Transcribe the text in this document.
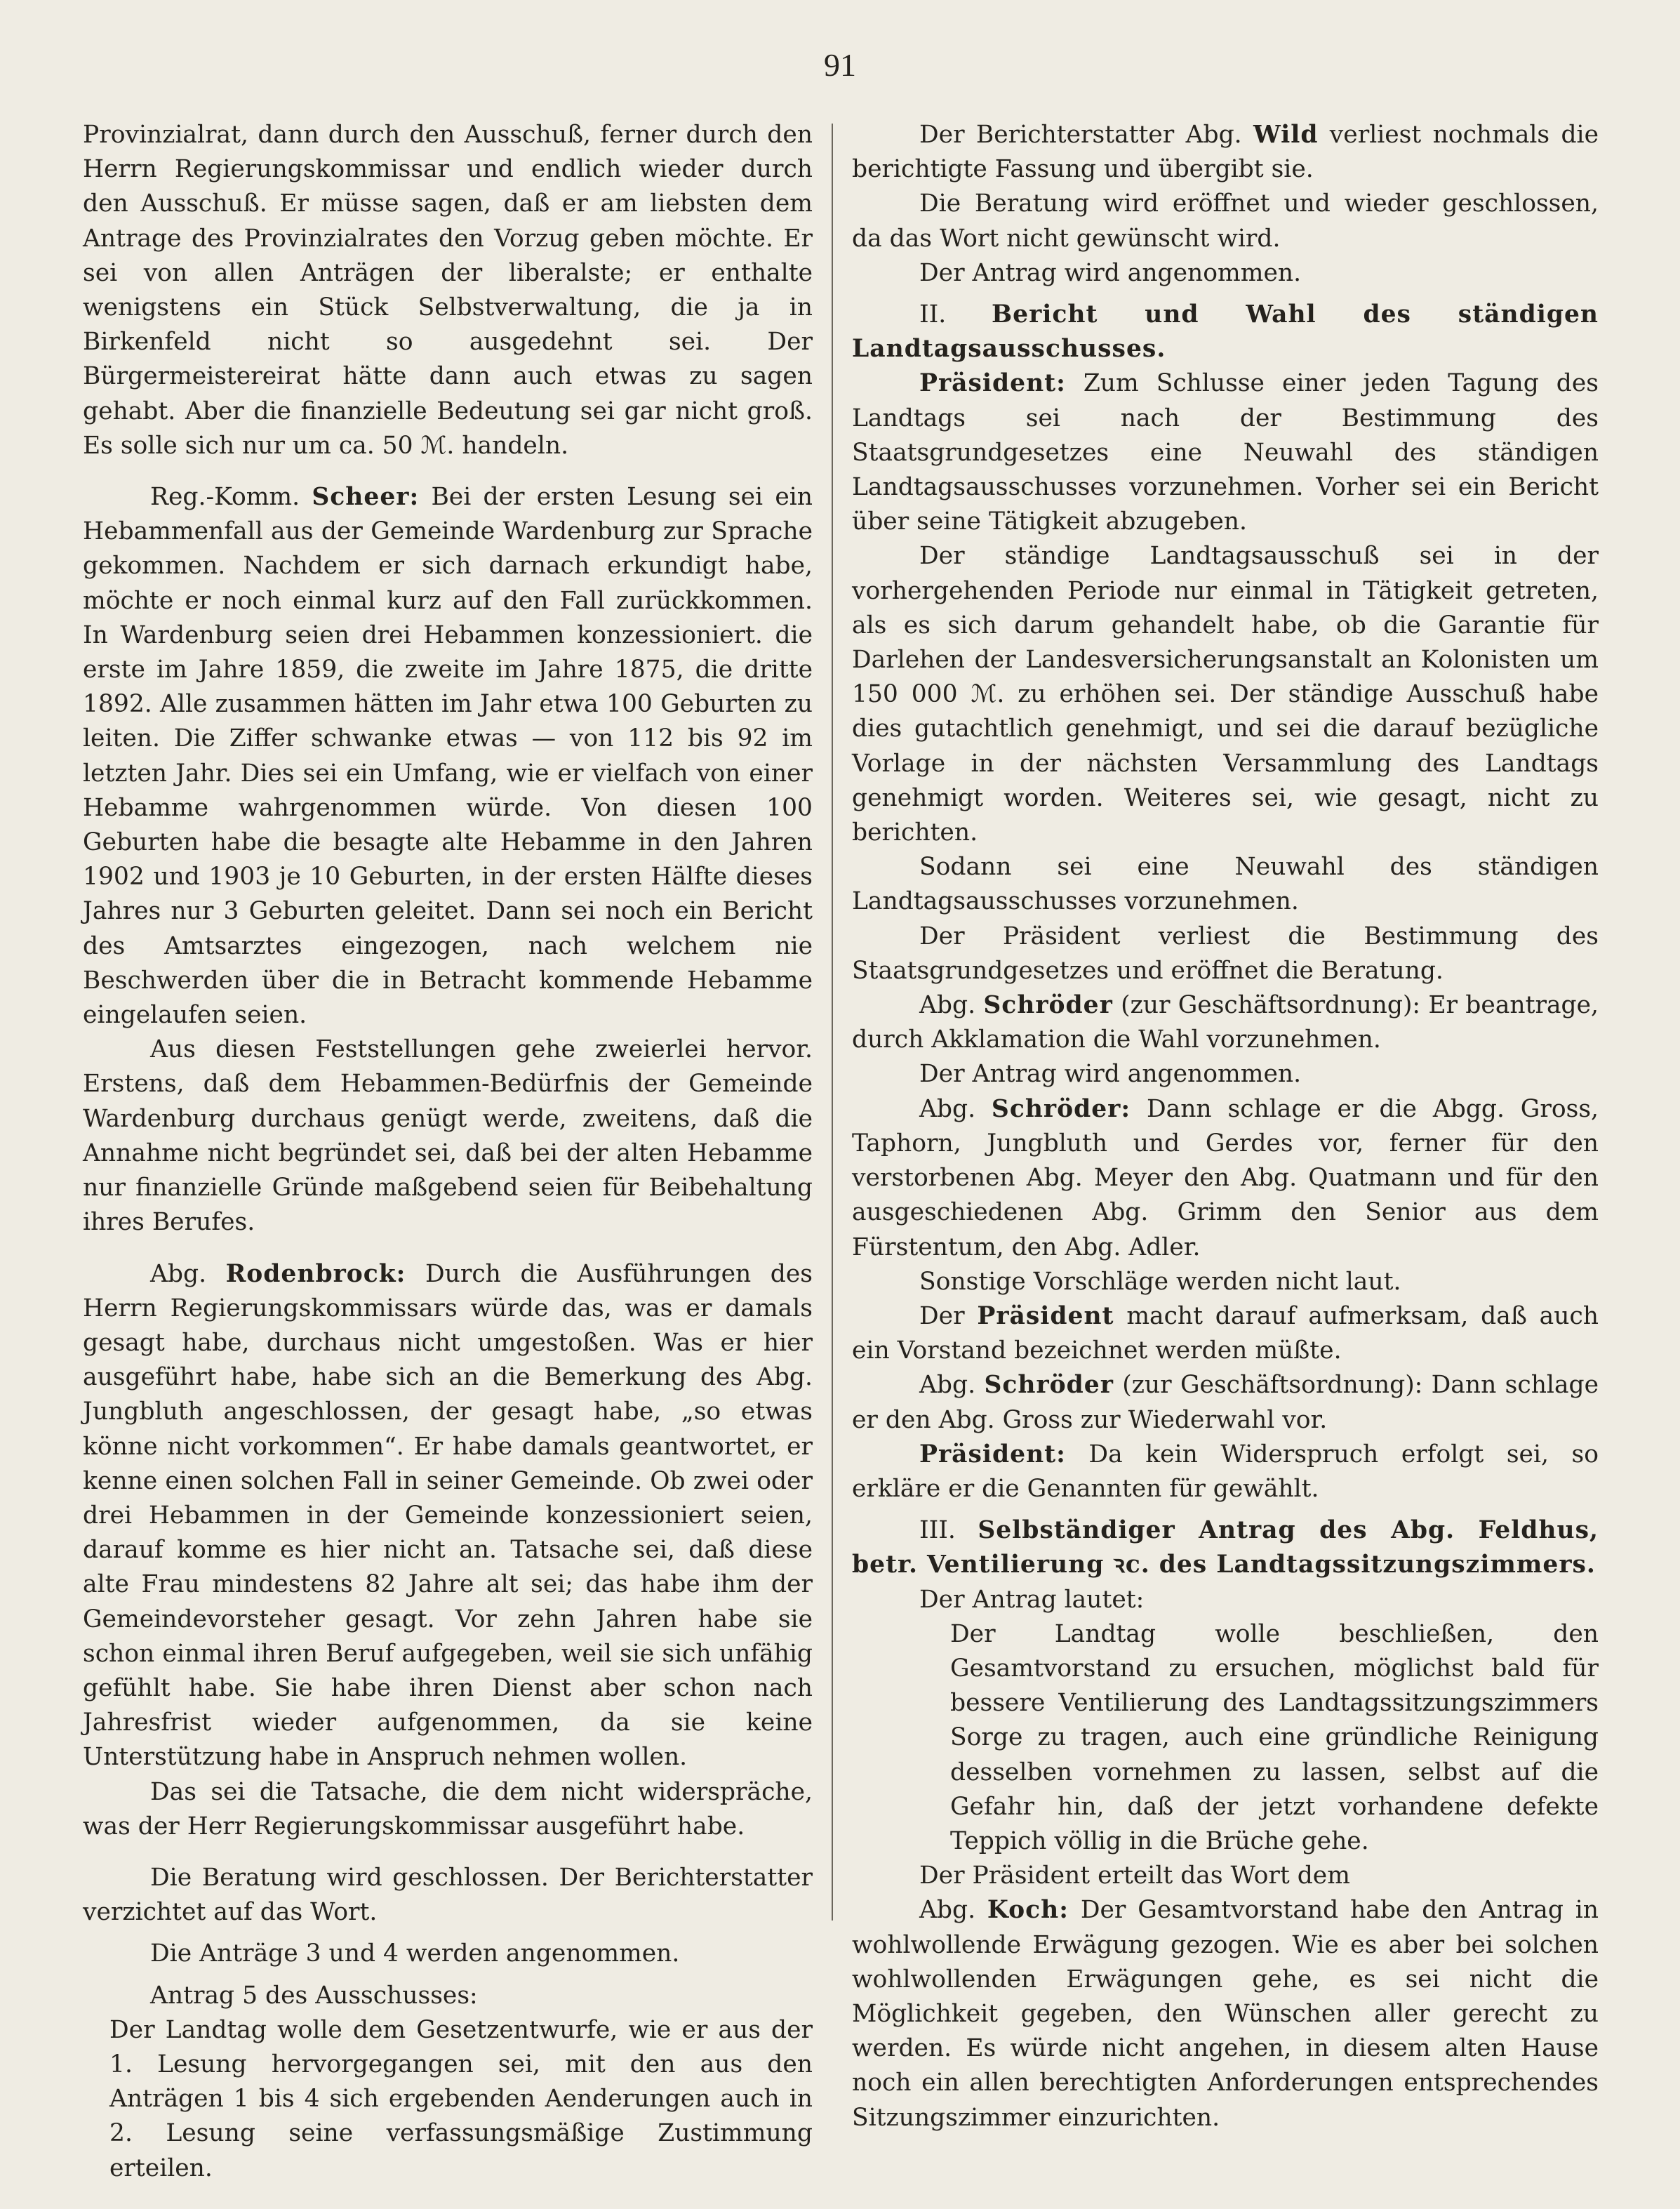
91

Provinzialrat, dann durch den Ausschuß, ferner durch den Herrn Regierungskommissar und endlich wieder durch den Ausschuß. Er müsse sagen, daß er am liebsten dem Antrage des Provinzialrates den Vorzug geben möchte. Er sei von allen Anträgen der liberalste; er enthalte wenigstens ein Stück Selbstverwaltung, die ja in Birkenfeld nicht so ausgedehnt sei. Der Bürgermeistereirat hätte dann auch etwas zu sagen gehabt. Aber die finanzielle Bedeutung sei gar nicht groß. Es solle sich nur um ca. 50 ℳ. handeln.

Reg.-Komm. Scheer: Bei der ersten Lesung sei ein Hebammenfall aus der Gemeinde Wardenburg zur Sprache gekommen. Nachdem er sich darnach erkundigt habe, möchte er noch einmal kurz auf den Fall zurückkommen. In Wardenburg seien drei Hebammen konzessioniert. die erste im Jahre 1859, die zweite im Jahre 1875, die dritte 1892. Alle zusammen hätten im Jahr etwa 100 Geburten zu leiten. Die Ziffer schwanke etwas — von 112 bis 92 im letzten Jahr. Dies sei ein Umfang, wie er vielfach von einer Hebamme wahrgenommen würde. Von diesen 100 Geburten habe die besagte alte Hebamme in den Jahren 1902 und 1903 je 10 Geburten, in der ersten Hälfte dieses Jahres nur 3 Geburten geleitet. Dann sei noch ein Bericht des Amtsarztes eingezogen, nach welchem nie Beschwerden über die in Betracht kommende Hebamme eingelaufen seien.

Aus diesen Feststellungen gehe zweierlei hervor. Erstens, daß dem Hebammen-Bedürfnis der Gemeinde Wardenburg durchaus genügt werde, zweitens, daß die Annahme nicht begründet sei, daß bei der alten Hebamme nur finanzielle Gründe maßgebend seien für Beibehaltung ihres Berufes.

Abg. Rodenbrock: Durch die Ausführungen des Herrn Regierungskommissars würde das, was er damals gesagt habe, durchaus nicht umgestoßen. Was er hier ausgeführt habe, habe sich an die Bemerkung des Abg. Jungbluth angeschlossen, der gesagt habe, „so etwas könne nicht vorkommen“. Er habe damals geantwortet, er kenne einen solchen Fall in seiner Gemeinde. Ob zwei oder drei Hebammen in der Gemeinde konzessioniert seien, darauf komme es hier nicht an. Tatsache sei, daß diese alte Frau mindestens 82 Jahre alt sei; das habe ihm der Gemeindevorsteher gesagt. Vor zehn Jahren habe sie schon einmal ihren Beruf aufgegeben, weil sie sich unfähig gefühlt habe. Sie habe ihren Dienst aber schon nach Jahresfrist wieder aufgenommen, da sie keine Unterstützung habe in Anspruch nehmen wollen.

Das sei die Tatsache, die dem nicht widerspräche, was der Herr Regierungskommissar ausgeführt habe.

Die Beratung wird geschlossen. Der Berichterstatter verzichtet auf das Wort.

Die Anträge 3 und 4 werden angenommen.

Antrag 5 des Ausschusses:

Der Landtag wolle dem Gesetzentwurfe, wie er aus der 1. Lesung hervorgegangen sei, mit den aus den Anträgen 1 bis 4 sich ergebenden Aenderungen auch in 2. Lesung seine verfassungsmäßige Zustimmung erteilen.

Der Berichterstatter Abg. Wild verliest nochmals die berichtigte Fassung und übergibt sie.

Die Beratung wird eröffnet und wieder geschlossen, da das Wort nicht gewünscht wird.

Der Antrag wird angenommen.

II. Bericht und Wahl des ständigen Landtagsausschusses.

Präsident: Zum Schlusse einer jeden Tagung des Landtags sei nach der Bestimmung des Staatsgrundgesetzes eine Neuwahl des ständigen Landtagsausschusses vorzunehmen. Vorher sei ein Bericht über seine Tätigkeit abzugeben.

Der ständige Landtagsausschuß sei in der vorhergehenden Periode nur einmal in Tätigkeit getreten, als es sich darum gehandelt habe, ob die Garantie für Darlehen der Landesversicherungsanstalt an Kolonisten um 150 000 ℳ. zu erhöhen sei. Der ständige Ausschuß habe dies gutachtlich genehmigt, und sei die darauf bezügliche Vorlage in der nächsten Versammlung des Landtags genehmigt worden. Weiteres sei, wie gesagt, nicht zu berichten.

Sodann sei eine Neuwahl des ständigen Landtagsausschusses vorzunehmen.

Der Präsident verliest die Bestimmung des Staatsgrundgesetzes und eröffnet die Beratung.

Abg. Schröder (zur Geschäftsordnung): Er beantrage, durch Akklamation die Wahl vorzunehmen.

Der Antrag wird angenommen.

Abg. Schröder: Dann schlage er die Abgg. Gross, Taphorn, Jungbluth und Gerdes vor, ferner für den verstorbenen Abg. Meyer den Abg. Quatmann und für den ausgeschiedenen Abg. Grimm den Senior aus dem Fürstentum, den Abg. Adler.

Sonstige Vorschläge werden nicht laut.

Der Präsident macht darauf aufmerksam, daß auch ein Vorstand bezeichnet werden müßte.

Abg. Schröder (zur Geschäftsordnung): Dann schlage er den Abg. Gross zur Wiederwahl vor.

Präsident: Da kein Widerspruch erfolgt sei, so erkläre er die Genannten für gewählt.

III. Selbständiger Antrag des Abg. Feldhus, betr. Ventilierung ꝛc. des Landtagssitzungszimmers.

Der Antrag lautet:

Der Landtag wolle beschließen, den Gesamtvorstand zu ersuchen, möglichst bald für bessere Ventilierung des Landtagssitzungszimmers Sorge zu tragen, auch eine gründliche Reinigung desselben vornehmen zu lassen, selbst auf die Gefahr hin, daß der jetzt vorhandene defekte Teppich völlig in die Brüche gehe.

Der Präsident erteilt das Wort dem

Abg. Koch: Der Gesamtvorstand habe den Antrag in wohlwollende Erwägung gezogen. Wie es aber bei solchen wohlwollenden Erwägungen gehe, es sei nicht die Möglichkeit gegeben, den Wünschen aller gerecht zu werden. Es würde nicht angehen, in diesem alten Hause noch ein allen berechtigten Anforderungen entsprechendes Sitzungszimmer einzurichten.
